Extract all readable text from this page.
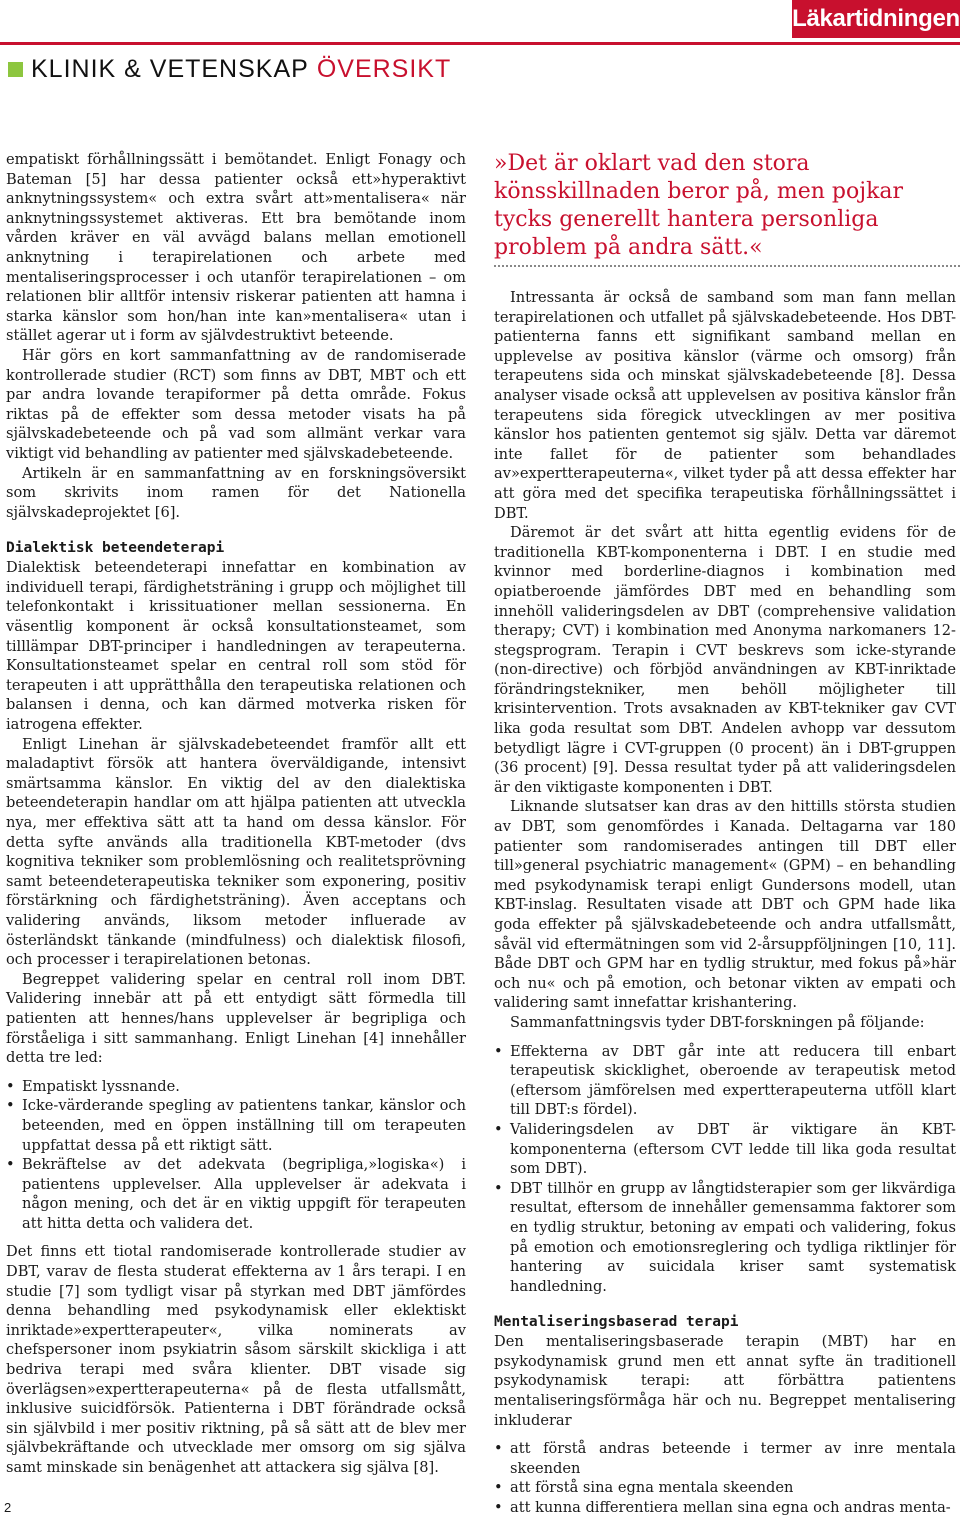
Läkartidningen
KLINIK & VETENSKAP ÖVERSIKT

empatiskt förhållningssätt i bemötandet. Enligt Fonagy och Bateman [5] har dessa patienter också ett»hyperaktivt anknytningssystem« och extra svårt att»mentalisera« när anknytningssystemet aktiveras. Ett bra bemötande inom vården kräver en väl avvägd balans mellan emotionell anknytning i terapirelationen och arbete med mentaliseringsprocesser i och utanför terapirelationen – om relationen blir alltför intensiv riskerar patienten att hamna i starka känslor som hon/han inte kan»mentalisera« utan i stället agerar ut i form av självdestruktivt beteende.

Här görs en kort sammanfattning av de randomiserade kontrollerade studier (RCT) som finns av DBT, MBT och ett par andra lovande terapiformer på detta område. Fokus riktas på de effekter som dessa metoder visats ha på självskadebeteende och på vad som allmänt verkar vara viktigt vid behandling av patienter med självskadebeteende.

Artikeln är en sammanfattning av en forskningsöversikt som skrivits inom ramen för det Nationella självskadeprojektet [6].

Dialektisk beteendeterapi

Dialektisk beteendeterapi innefattar en kombination av individuell terapi, färdighetsträning i grupp och möjlighet till telefonkontakt i krissituationer mellan sessionerna. En väsentlig komponent är också konsultationsteamet, som tilllämpar DBT-principer i handledningen av terapeuterna. Konsultationsteamet spelar en central roll som stöd för terapeuten i att upprätthålla den terapeutiska relationen och balansen i denna, och kan därmed motverka risken för iatrogena effekter.

Enligt Linehan är självskadebeteendet framför allt ett maladaptivt försök att hantera överväldigande, intensivt smärtsamma känslor. En viktig del av den dialektiska beteendeterapin handlar om att hjälpa patienten att utveckla nya, mer effektiva sätt att ta hand om dessa känslor. För detta syfte används alla traditionella KBT-metoder (dvs kognitiva tekniker som problemlösning och realitetsprövning samt beteendeterapeutiska tekniker som exponering, positiv förstärkning och färdighetsträning). Även acceptans och validering används, liksom metoder influerade av österländskt tänkande (mindfulness) och dialektisk filosofi, och processer i terapirelationen betonas.

Begreppet validering spelar en central roll inom DBT. Validering innebär att på ett entydigt sätt förmedla till patienten att hennes/hans upplevelser är begripliga och förståeliga i sitt sammanhang. Enligt Linehan [4] innehåller detta tre led:

• Empatiskt lyssnande.
• Icke-värderande spegling av patientens tankar, känslor och beteenden, med en öppen inställning till om terapeuten uppfattat dessa på ett riktigt sätt.
• Bekräftelse av det adekvata (begripliga,»logiska«) i patientens upplevelser. Alla upplevelser är adekvata i någon mening, och det är en viktig uppgift för terapeuten att hitta detta och validera det.

Det finns ett tiotal randomiserade kontrollerade studier av DBT, varav de flesta studerat effekterna av 1 års terapi. I en studie [7] som tydligt visar på styrkan med DBT jämfördes denna behandling med psykodynamisk eller eklektiskt inriktade»expertterapeuter«, vilka nominerats av chefspersoner inom psykiatrin såsom särskilt skickliga i att bedriva terapi med svåra klienter. DBT visade sig överlägsen»expertterapeuterna« på de flesta utfallsmått, inklusive suicidförsök. Patienterna i DBT förändrade också sin självbild i mer positiv riktning, på så sätt att de blev mer självbekräftande och utvecklade mer omsorg om sig själva samt minskade sin benägenhet att attackera sig själva [8].

»Det är oklart vad den stora könsskillnaden beror på, men pojkar tycks generellt hantera personliga problem på andra sätt.«

Intressanta är också de samband som man fann mellan terapirelationen och utfallet på självskadebeteende. Hos DBT-patienterna fanns ett signifikant samband mellan en upplevelse av positiva känslor (värme och omsorg) från terapeutens sida och minskat självskadebeteende [8]. Dessa analyser visade också att upplevelsen av positiva känslor från terapeutens sida föregick utvecklingen av mer positiva känslor hos patienten gentemot sig själv. Detta var däremot inte fallet för de patienter som behandlades av»expertterapeuterna«, vilket tyder på att dessa effekter har att göra med det specifika terapeutiska förhållningssättet i DBT.

Däremot är det svårt att hitta egentlig evidens för de traditionella KBT-komponenterna i DBT. I en studie med kvinnor med borderline-diagnos i kombination med opiatberoende jämfördes DBT med en behandling som innehöll valideringsdelen av DBT (comprehensive validation therapy; CVT) i kombination med Anonyma narkomaners 12-stegsprogram. Terapin i CVT beskrevs som icke-styrande (non-directive) och förbjöd användningen av KBT-inriktade förändringstekniker, men behöll möjligheter till krisintervention. Trots avsaknaden av KBT-tekniker gav CVT lika goda resultat som DBT. Andelen avhopp var dessutom betydligt lägre i CVT-gruppen (0 procent) än i DBT-gruppen (36 procent) [9]. Dessa resultat tyder på att valideringsdelen är den viktigaste komponenten i DBT.

Liknande slutsatser kan dras av den hittills största studien av DBT, som genomfördes i Kanada. Deltagarna var 180 patienter som randomiserades antingen till DBT eller till»general psychiatric management« (GPM) – en behandling med psykodynamisk terapi enligt Gundersons modell, utan KBT-inslag. Resultaten visade att DBT och GPM hade lika goda effekter på självskadebeteende och andra utfallsmått, såväl vid eftermätningen som vid 2-årsuppföljningen [10, 11]. Både DBT och GPM har en tydlig struktur, med fokus på»här och nu« och på emotion, och betonar vikten av empati och validering samt innefattar krishantering.

Sammanfattningsvis tyder DBT-forskningen på följande:

• Effekterna av DBT går inte att reducera till enbart terapeutisk skicklighet, oberoende av terapeutisk metod (eftersom jämförelsen med expertterapeuterna utföll klart till DBT:s fördel).
• Valideringsdelen av DBT är viktigare än KBT-komponenterna (eftersom CVT ledde till lika goda resultat som DBT).
• DBT tillhör en grupp av långtidsterapier som ger likvärdiga resultat, eftersom de innehåller gemensamma faktorer som en tydlig struktur, betoning av empati och validering, fokus på emotion och emotionsreglering och tydliga riktlinjer för hantering av suicidala kriser samt systematisk handledning.
Mentaliseringsbaserad terapi

Den mentaliseringsbaserade terapin (MBT) har en psykodynamisk grund men ett annat syfte än traditionell psykodynamisk terapi: att förbättra patientens mentaliseringsförmåga här och nu. Begreppet mentalisering inkluderar

• att förstå andras beteende i termer av inre mentala skeenden
• att förstå sina egna mentala skeenden
• att kunna differentiera mellan sina egna och andras menta-
2
